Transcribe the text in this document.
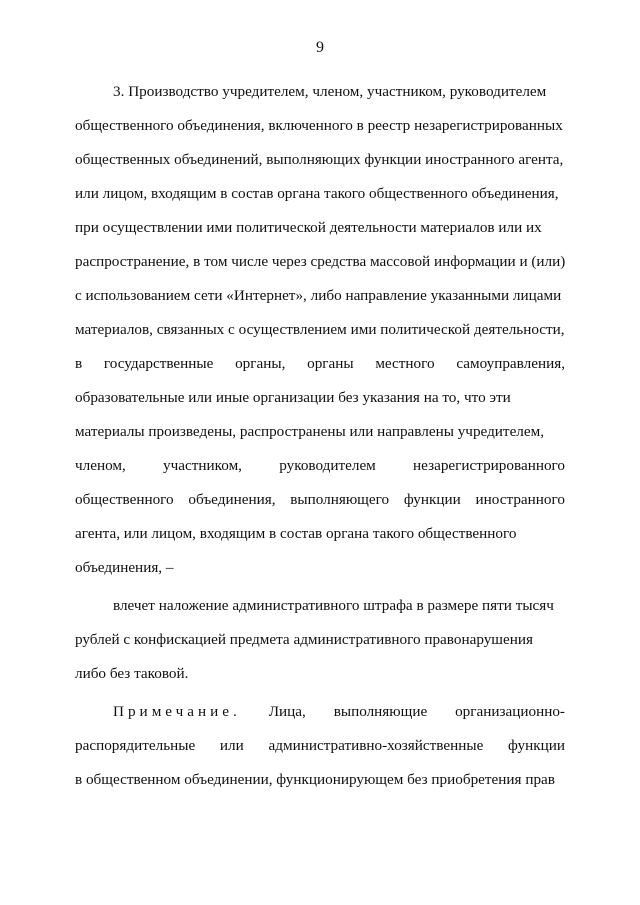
9
3. Производство учредителем, членом, участником, руководителем
общественного объединения, включенного в реестр незарегистрированных
общественных объединений, выполняющих функции иностранного агента,
или лицом, входящим в состав органа такого общественного объединения,
при осуществлении ими политической деятельности материалов или их
распространение, в том числе через средства массовой информации и (или)
с использованием сети «Интернет», либо направление указанными лицами
материалов, связанных с осуществлением ими политической деятельности,
в государственные органы, органы местного самоуправления,
образовательные или иные организации без указания на то, что эти
материалы произведены, распространены или направлены учредителем,
членом, участником, руководителем незарегистрированного
общественного объединения, выполняющего функции иностранного
агента, или лицом, входящим в состав органа такого общественного
объединения, –
влечет наложение административного штрафа в размере пяти тысяч
рублей с конфискацией предмета административного правонарушения
либо без таковой.
Примечание. Лица, выполняющие организационно-
распорядительные или административно-хозяйственные функции
в общественном объединении, функционирующем без приобретения прав
